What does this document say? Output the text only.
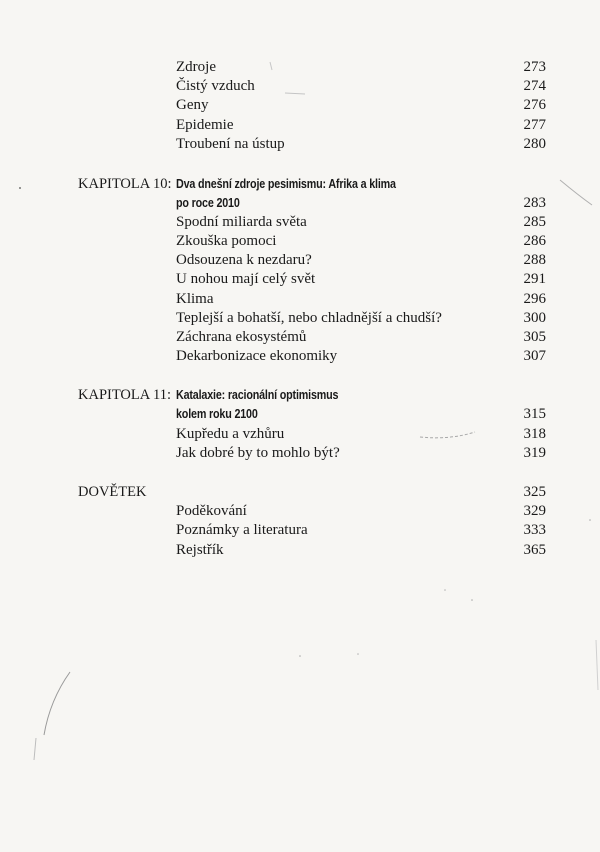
Zdroje	273
Čistý vzduch	274
Geny	276
Epidemie	277
Troubení na ústup	280
KAPITOLA 10: Dva dnešní zdroje pesimismu: Afrika a klima
po roce 2010	283
Spodní miliarda světa	285
Zkouška pomoci	286
Odsouzena k nezdaru?	288
U nohou mají celý svět	291
Klima	296
Teplejší a bohatší, nebo chladnější a chudší?	300
Záchrana ekosystémů	305
Dekarbonizace ekonomiky	307
KAPITOLA 11: Katalaxie: racionální optimismus
kolem roku 2100	315
Kupředu a vzhůru	318
Jak dobré by to mohlo být?	319
DOVĚTEK	325
Poděkování	329
Poznámky a literatura	333
Rejstřík	365
